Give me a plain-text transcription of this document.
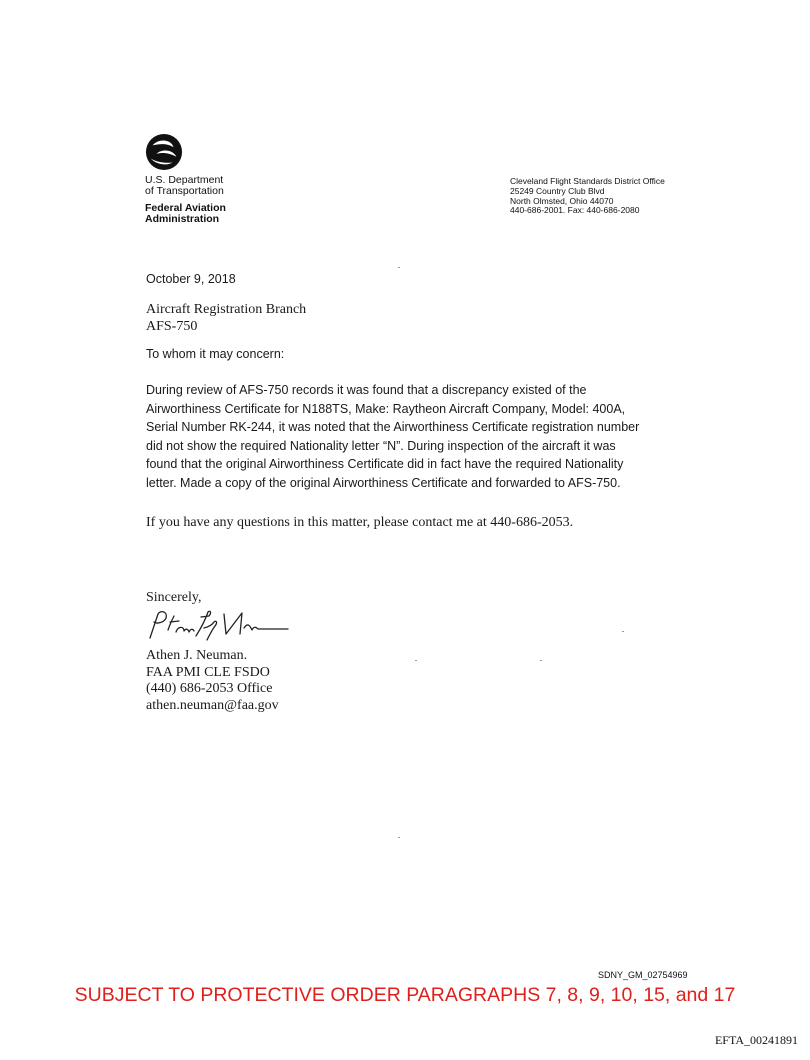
U.S. Department
of Transportation
Federal Aviation
Administration
Cleveland Flight Standards District Office
25249 Country Club Blvd
North Olmsted, Ohio 44070
440-686-2001. Fax: 440-686-2080
October 9, 2018
Aircraft Registration Branch
AFS-750
To whom it may concern:
During review of AFS-750 records it was found that a discrepancy existed of the
Airworthiness Certificate for N188TS, Make: Raytheon Aircraft Company, Model: 400A,
Serial Number RK-244, it was noted that the Airworthiness Certificate registration number
did not show the required Nationality letter “N”. During inspection of the aircraft it was
found that the original Airworthiness Certificate did in fact have the required Nationality
letter. Made a copy of the original Airworthiness Certificate and forwarded to AFS-750.
If you have any questions in this matter, please contact me at 440-686-2053.
Sincerely,
Athen J. Neuman.
FAA PMI CLE FSDO
(440) 686-2053 Office
athen.neuman@faa.gov
SDNY_GM_02754969
SUBJECT TO PROTECTIVE ORDER PARAGRAPHS 7, 8, 9, 10, 15, and 17
EFTA_00241891
